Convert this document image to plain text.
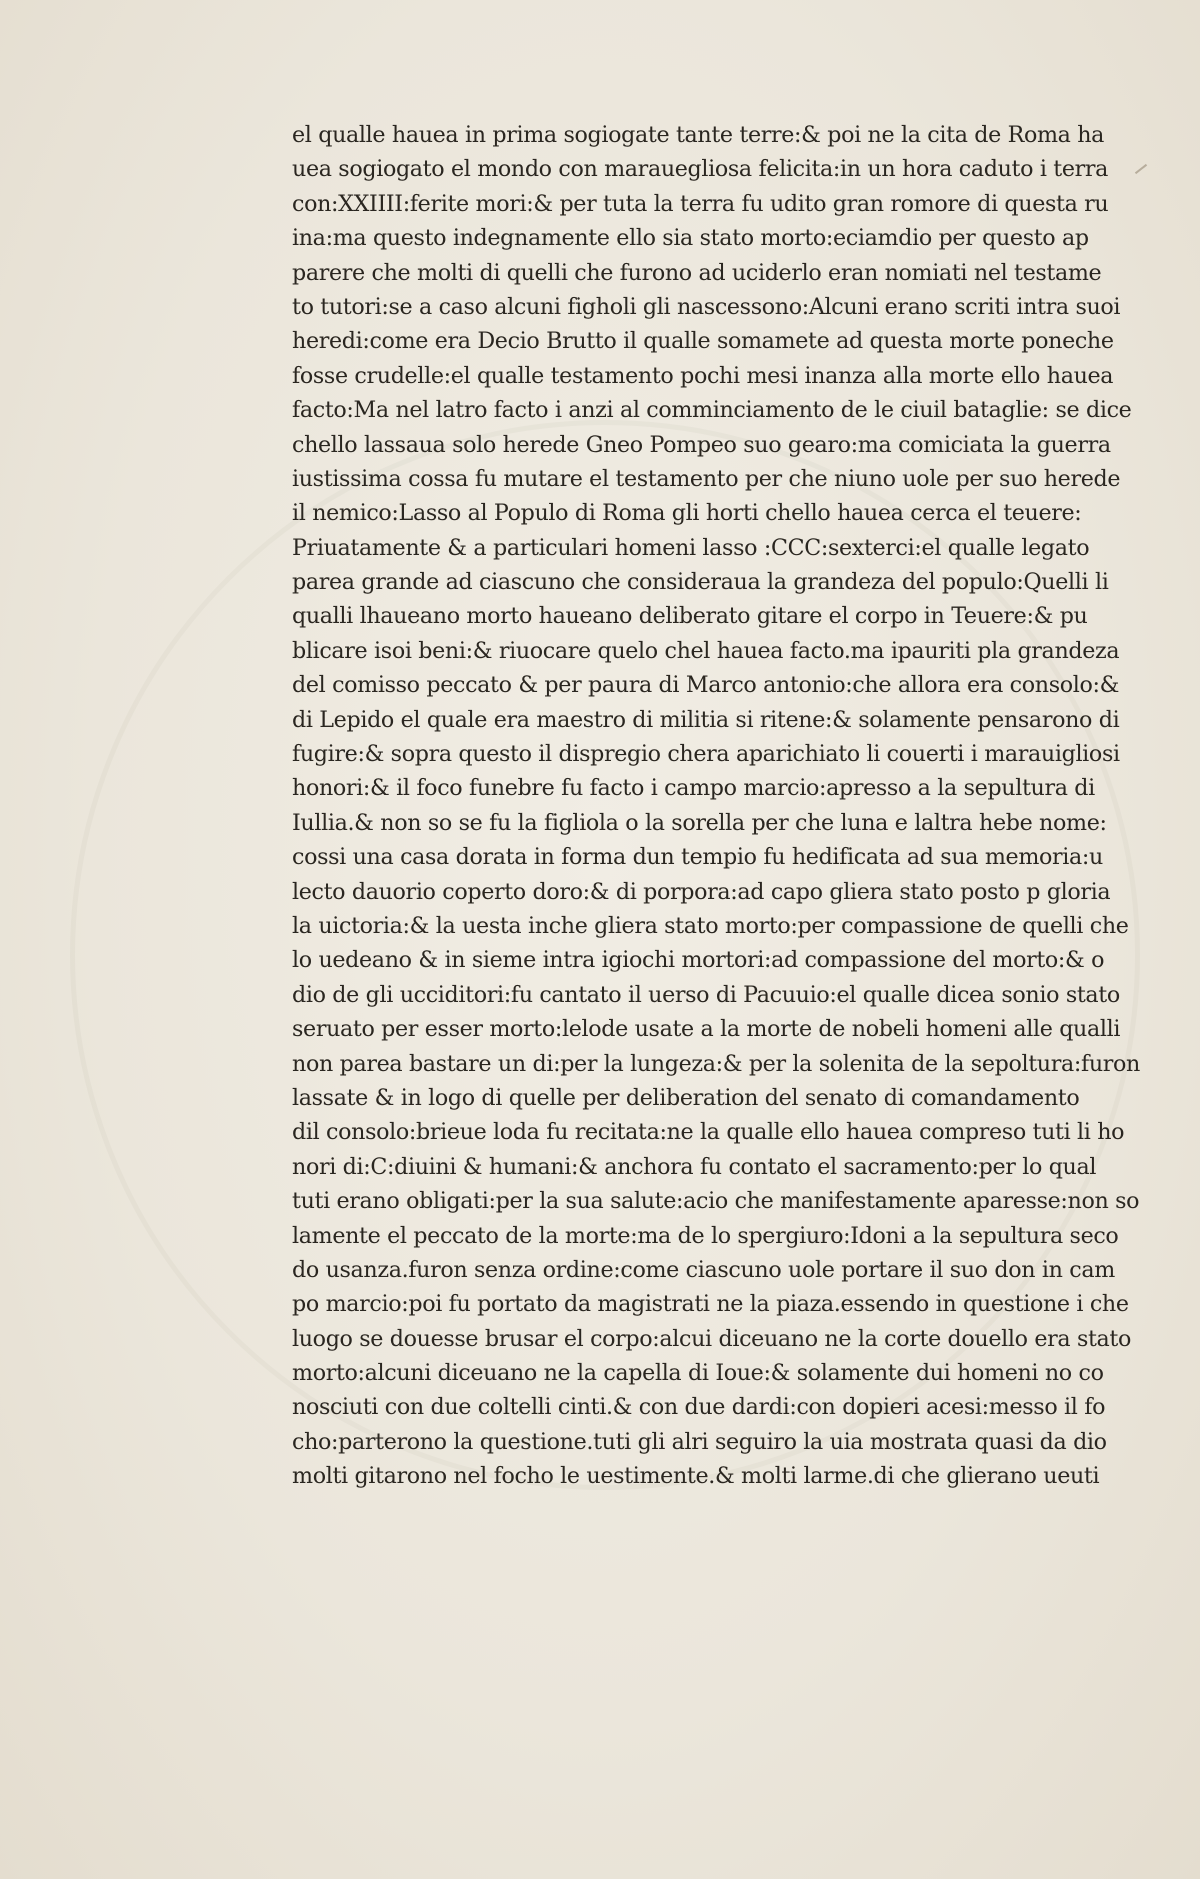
el qualle hauea in prima sogiogate tante terre:& poi ne la cita de Roma ha
uea sogiogato el mondo con marauegliosa felicita:in un hora caduto i terra
con:XXIIII:ferite mori:& per tuta la terra fu udito gran romore di questa ru
ina:ma questo indegnamente ello sia stato morto:eciamdio per questo ap
parere che molti di quelli che furono ad uciderlo eran nomiati nel testame
to tutori:se a caso alcuni figholi gli nascessono:Alcuni erano scriti intra suoi
heredi:come era Decio Brutto il qualle somamete ad questa morte poneche
fosse crudelle:el qualle testamento pochi mesi inanza alla morte ello hauea
facto:Ma nel latro facto i anzi al comminciamento de le ciuil bataglie: se dice
chello lassaua solo herede Gneo Pompeo suo gearo:ma comiciata la guerra
iustissima cossa fu mutare el testamento per che niuno uole per suo herede
il nemico:Lasso al Populo di Roma gli horti chello hauea cerca el teuere:
Priuatamente & a particulari homeni lasso :CCC:sexterci:el qualle legato
parea grande ad ciascuno che consideraua la grandeza del populo:Quelli li
qualli lhaueano morto haueano deliberato gitare el corpo in Teuere:& pu
blicare isoi beni:& riuocare quelo chel hauea facto.ma ipauriti pla grandeza
del comisso peccato & per paura di Marco antonio:che allora era consolo:&
di Lepido el quale era maestro di militia si ritene:& solamente pensarono di
fugire:& sopra questo il dispregio chera aparichiato li couerti i marauigliosi
honori:& il foco funebre fu facto i campo marcio:apresso a la sepultura di
Iullia.& non so se fu la figliola o la sorella per che luna e laltra hebe nome:
cossi una casa dorata in forma dun tempio fu hedificata ad sua memoria:u
lecto dauorio coperto doro:& di porpora:ad capo gliera stato posto p gloria
la uictoria:& la uesta inche gliera stato morto:per compassione de quelli che
lo uedeano & in sieme intra igiochi mortori:ad compassione del morto:& o
dio de gli ucciditori:fu cantato il uerso di Pacuuio:el qualle dicea sonio stato
seruato per esser morto:lelode usate a la morte de nobeli homeni alle qualli
non parea bastare un di:per la lungeza:& per la solenita de la sepoltura:furon
lassate & in logo di quelle per deliberation del senato di comandamento
dil consolo:brieue loda fu recitata:ne la qualle ello hauea compreso tuti li ho
nori di:C:diuini & humani:& anchora fu contato el sacramento:per lo qual
tuti erano obligati:per la sua salute:acio che manifestamente aparesse:non so
lamente el peccato de la morte:ma de lo spergiuro:Idoni a la sepultura seco
do usanza.furon senza ordine:come ciascuno uole portare il suo don in cam
po marcio:poi fu portato da magistrati ne la piaza.essendo in questione i che
luogo se douesse brusar el corpo:alcui diceuano ne la corte douello era stato
morto:alcuni diceuano ne la capella di Ioue:& solamente dui homeni no co
nosciuti con due coltelli cinti.& con due dardi:con dopieri acesi:messo il fo
cho:parterono la questione.tuti gli alri seguiro la uia mostrata quasi da dio
molti gitarono nel focho le uestimente.& molti larme.di che glierano ueuti
